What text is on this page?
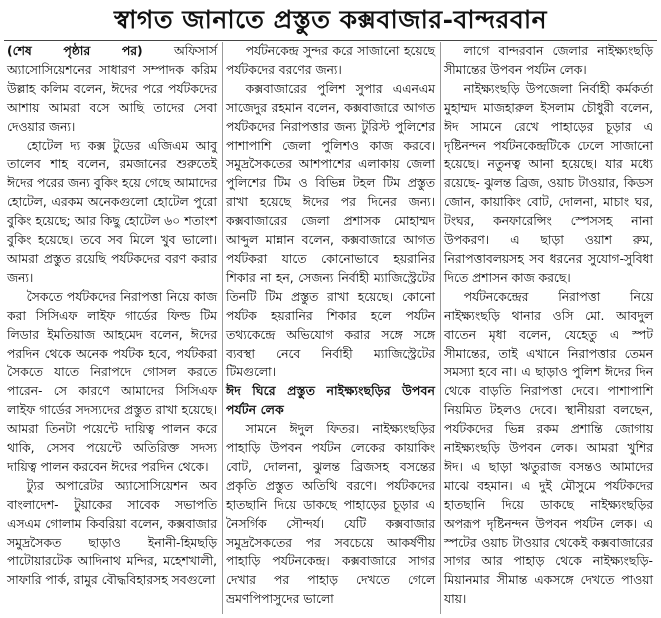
স্বাগত জানাতে প্রস্তুত কক্সবাজার-বান্দরবান

(শেষ পৃষ্ঠার পর)	অফিসার্স অ্যাসোসিয়েশনের সাধারণ সম্পাদক করিম উল্লাহ কলিম বলেন, ঈদের পরে পর্যটকদের আশায় আমরা বসে আছি তাদের সেবা দেওয়ার জন্য।

হোটেল দ্য কক্স টুডের এজিএম আবু তালেব শাহ বলেন, রমজানের শুরুতেই ঈদের পরের জন্য বুকিং হয়ে গেছে আমাদের হোটেল, এরকম অনেকগুলো হোটেল পুরো বুকিং হয়েছে; আর কিছু হোটেল ৬০ শতাংশ বুকিং হয়েছে। তবে সব মিলে খুব ভালো। আমরা প্রস্তুত রয়েছি পর্যটকদের বরণ করার জন্য।

সৈকতে পর্যটকদের নিরাপত্তা নিয়ে কাজ করা সিসিএফ লাইফ গার্ডের ফিল্ড টিম লিডার ইমতিয়াজ আহমেদ বলেন, ঈদের পরদিন থেকে অনেক পর্যটক হবে, পর্যটকরা সৈকতে যাতে নিরাপদে গোসল করতে পারেন- সে কারণে আমাদের সিসিএফ লাইফ গার্ডের সদস্যদের প্রস্তুত রাখা হয়েছে। আমরা তিনটা পয়েন্টে দায়িত্ব পালন করে থাকি, সেসব পয়েন্টে অতিরিক্ত সদস্য দায়িত্ব পালন করবেন ঈদের পরদিন থেকে।

ট্যুর অপারেটর অ্যাসোসিয়েশন অব বাংলাদেশ- টুয়াকের সাবেক সভাপতি এসএম গোলাম কিবরিয়া বলেন, কক্সবাজার সমুদ্রসৈকত ছাড়াও ইনানী-হিমছড়ি পাটোয়ারটেক আদিনাথ মন্দির, মহেশখালী, সাফারি পার্ক, রামুর বৌদ্ধবিহারসহ সবগুলো

পর্যটনকেন্দ্র সুন্দর করে সাজানো হয়েছে পর্যটকদের বরণের জন্য।

কক্সবাজারের পুলিশ সুপার এএনএম সাজেদুর রহমান বলেন, কক্সবাজারে আগত পর্যটকদের নিরাপত্তার জন্য টুরিস্ট পুলিশের পাশাপাশি জেলা পুলিশও কাজ করবে। সমুদ্রসৈকতের আশপাশের এলাকায় জেলা পুলিশের টিম ও বিভিন্ন টহল টিম প্রস্তুত রাখা হয়েছে ঈদের পর দিনের জন্য। কক্সবাজারের জেলা প্রশাসক মোহাম্মদ আব্দুল মান্নান বলেন, কক্সবাজারে আগত পর্যটকরা যাতে কোনোভাবে হয়রানির শিকার না হন, সেজন্য নির্বাহী ম্যাজিস্ট্রেটের তিনটি টিম প্রস্তুত রাখা হয়েছে। কোনো পর্যটক হয়রানির শিকার হলে পর্যটন তথ্যকেন্দ্রে অভিযোগ করার সঙ্গে সঙ্গে ব্যবস্থা নেবে নির্বাহী ম্যাজিস্ট্রেটের টিমগুলো।

ঈদ ঘিরে প্রস্তুত নাইক্ষ্যংছড়ির উপবন পর্যটন লেক

সামনে ঈদুল ফিতর। নাইক্ষ্যংছড়ির পাহাড়ি উপবন পর্যটন লেকের কায়াকিং বোট, দোলনা, ঝুলন্ত ব্রিজসহ বসন্তের প্রকৃতি প্রস্তুত অতিথি বরণে। পর্যটকদের হাতছানি দিয়ে ডাকছে পাহাড়ের চূড়ার এ নৈসর্গিক সৌন্দর্য। যেটি কক্সবাজার সমুদ্রসৈকতের পর সবচেয়ে আকর্ষণীয় পাহাড়ি পর্যটনকেন্দ্র। কক্সবাজারে সাগর দেখার পর পাহাড় দেখতে গেলে ভ্রমণপিপাসুদের ভালো

লাগে বান্দরবান জেলার নাইক্ষ্যংছড়ি সীমান্তের উপবন পর্যটন লেক।

নাইক্ষ্যংছড়ি উপজেলা নির্বাহী কর্মকর্তা মুহাম্মদ মাজহারুল ইসলাম চৌধুরী বলেন, ঈদ সামনে রেখে পাহাড়ের চূড়ার এ দৃষ্টিনন্দন পর্যটনকেন্দ্রটিকে ঢেলে সাজানো হয়েছে। নতুনত্ব আনা হয়েছে। যার মধ্যে রয়েছে- ঝুলন্ত ব্রিজ, ওয়াচ টাওয়ার, কিডস জোন, কায়াকিং বোট, দোলনা, মাচাং ঘর, টংঘর, কনফারেন্সিং স্পেসসহ নানা উপকরণ। এ ছাড়া ওয়াশ রুম, নিরাপত্তাবলয়সহ সব ধরনের সুযোগ-সুবিধা দিতে প্রশাসন কাজ করছে।

পর্যটনকেন্দ্রের নিরাপত্তা নিয়ে নাইক্ষ্যংছড়ি থানার ওসি মো. আবদুল বাতেন মৃধা বলেন, যেহেতু এ স্পট সীমান্তের, তাই এখানে নিরাপত্তার তেমন সমস্যা হবে না। এ ছাড়াও পুলিশ ঈদের দিন থেকে বাড়তি নিরাপত্তা দেবে। পাশাপাশি নিয়মিত টহলও দেবে। স্থানীয়রা বলছেন, পর্যটকদের ভিন্ন রকম প্রশান্তি জোগায় নাইক্ষ্যংছড়ি উপবন লেক। আমরা খুশির ঈদ। এ ছাড়া ঋতুরাজ বসন্তও আমাদের মাঝে বহমান। এ দুই মৌসুমে পর্যটকদের হাতছানি দিয়ে ডাকছে নাইক্ষ্যংছড়ির অপরূপ দৃষ্টিনন্দন উপবন পর্যটন লেক। এ স্পটের ওয়াচ টাওয়ার থেকেই কক্সবাজারের সাগর আর পাহাড় থেকে নাইক্ষ্যংছড়ি-মিয়ানমার সীমান্ত একসঙ্গে দেখতে পাওয়া যায়।
